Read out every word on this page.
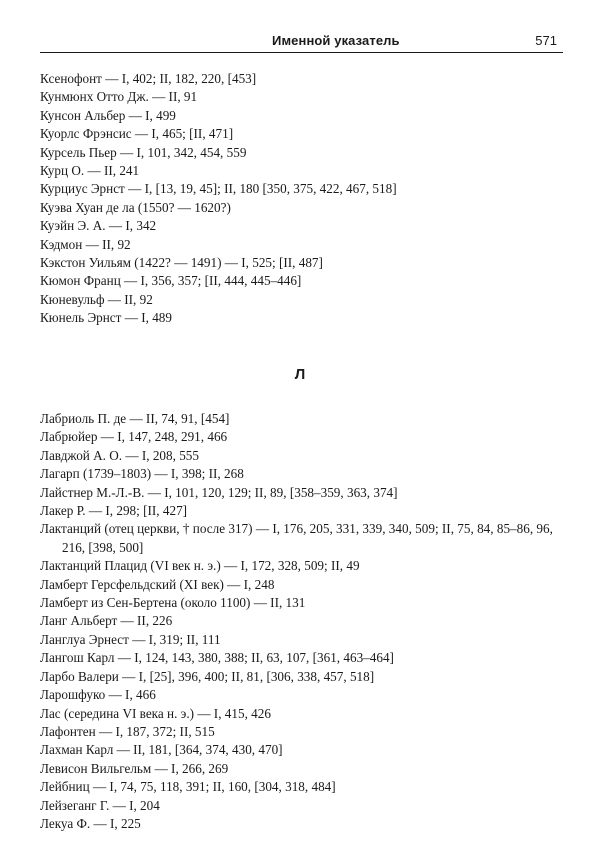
Именной указатель	571
Ксенофонт — I, 402; II, 182, 220, [453]
Кунмюнх Отто Дж. — II, 91
Кунсон Альбер — I, 499
Куорлс Фрэнсис — I, 465; [II, 471]
Курсель Пьер — I, 101, 342, 454, 559
Курц О. — II, 241
Курциус Эрнст — I, [13, 19, 45]; II, 180 [350, 375, 422, 467, 518]
Куэва Хуан де ла (1550? — 1620?)
Куэйн Э. А. — I, 342
Кэдмон — II, 92
Кэкстон Уильям (1422? — 1491) — I, 525; [II, 487]
Кюмон Франц — I, 356, 357; [II, 444, 445–446]
Кюневульф — II, 92
Кюнель Эрнст — I, 489
Л
Лабриоль П. де — II, 74, 91, [454]
Лабрюйер — I, 147, 248, 291, 466
Лавджой А. О. — I, 208, 555
Лагарп (1739–1803) — I, 398; II, 268
Лайстнер М.-Л.-В. — I, 101, 120, 129; II, 89, [358–359, 363, 374]
Лакер Р. — I, 298; [II, 427]
Лактанций (отец церкви, † после 317) — I, 176, 205, 331, 339, 340, 509; II, 75, 84, 85–86, 96, 216, [398, 500]
Лактанций Плацид (VI век н. э.) — I, 172, 328, 509; II, 49
Ламберт Герсфельдский (XI век) — I, 248
Ламберт из Сен-Бертена (около 1100) — II, 131
Ланг Альберт — II, 226
Ланглуа Эрнест — I, 319; II, 111
Лангош Карл — I, 124, 143, 380, 388; II, 63, 107, [361, 463–464]
Ларбо Валери — I, [25], 396, 400; II, 81, [306, 338, 457, 518]
Ларошфуко — I, 466
Лас (середина VI века н. э.) — I, 415, 426
Лафонтен — I, 187, 372; II, 515
Лахман Карл — II, 181, [364, 374, 430, 470]
Левисон Вильгельм — I, 266, 269
Лейбниц — I, 74, 75, 118, 391; II, 160, [304, 318, 484]
Лейзеганг Г. — I, 204
Лекуа Ф. — I, 225
